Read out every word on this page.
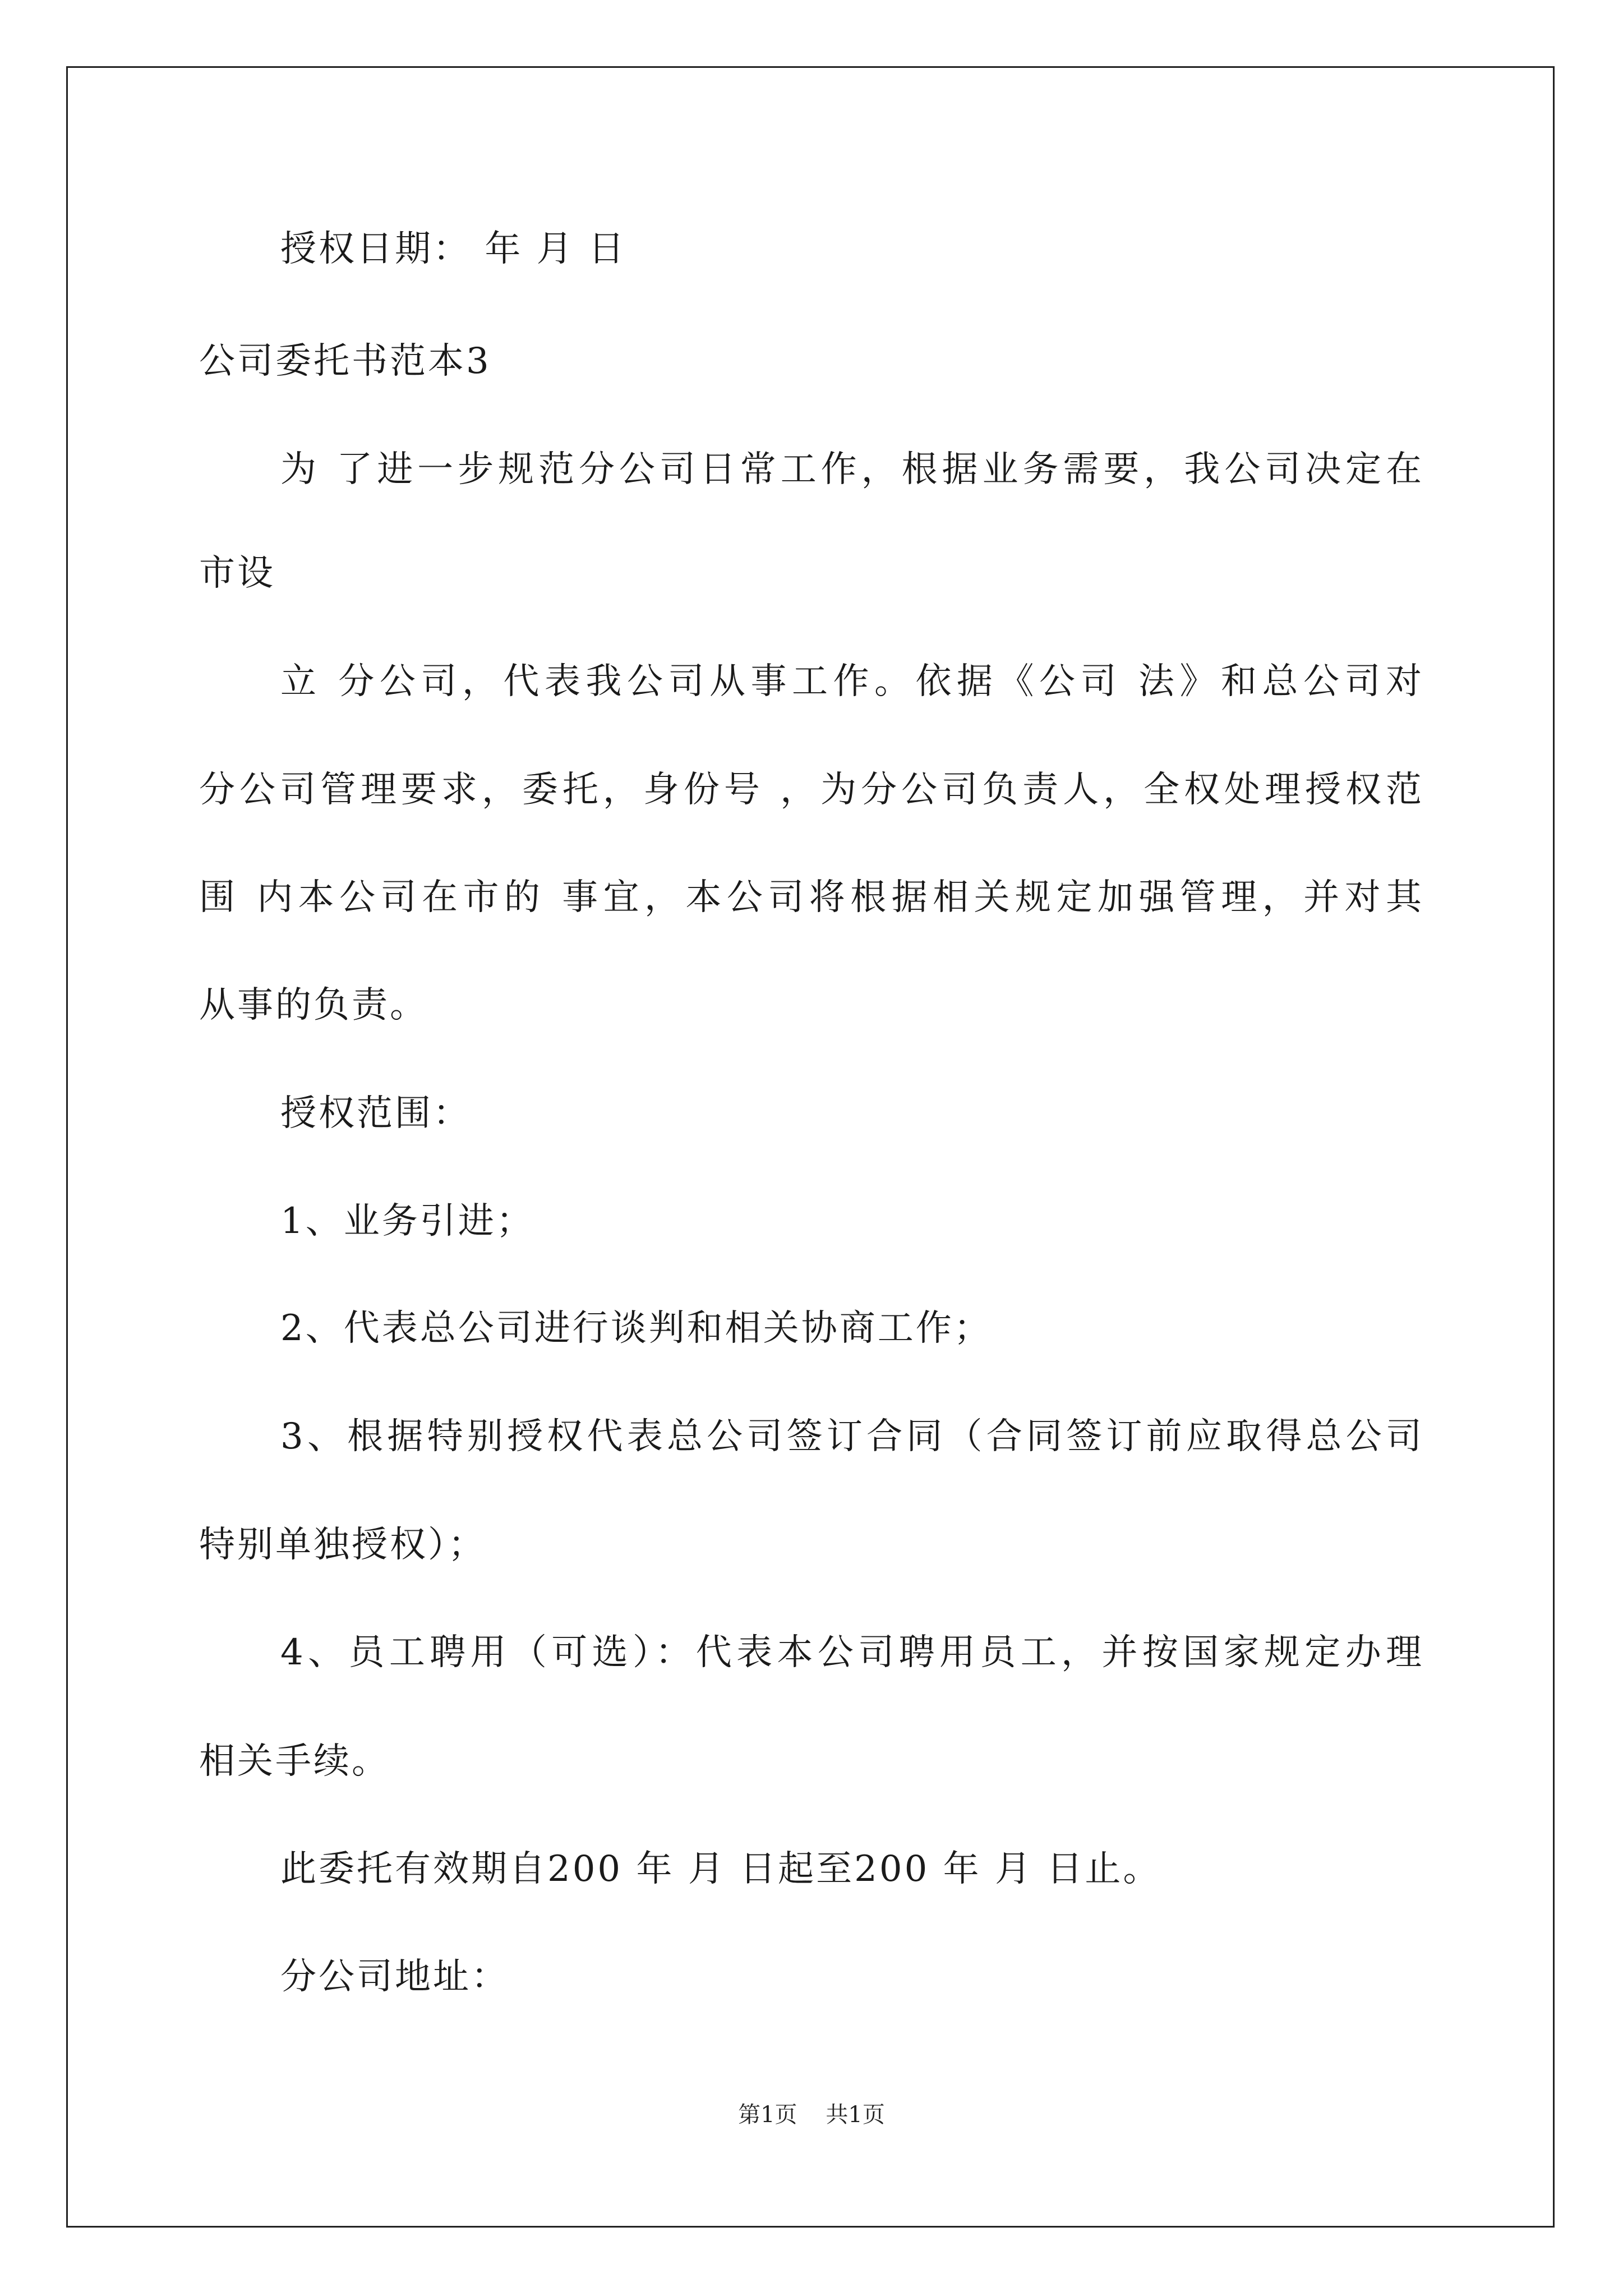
授权日期： 年 月 日
公司委托书范本3
为 了进一步规范分公司日常工作，根据业务需要，我公司决定在
市设
立 分公司，代表我公司从事工作。依据《公司 法》和总公司对
分公司管理要求，委托，身份号 ，为分公司负责人，全权处理授权范
围 内本公司在市的 事宜，本公司将根据相关规定加强管理，并对其
从事的负责。
授权范围：
1、业务引进；
2、代表总公司进行谈判和相关协商工作；
3、根据特别授权代表总公司签订合同（合同签订前应取得总公司
特别单独授权）；
4、员工聘用（可选）：代表本公司聘用员工，并按国家规定办理
相关手续。
此委托有效期自200 年 月 日起至200 年 月 日止。
分公司地址：
第1页    共1页
